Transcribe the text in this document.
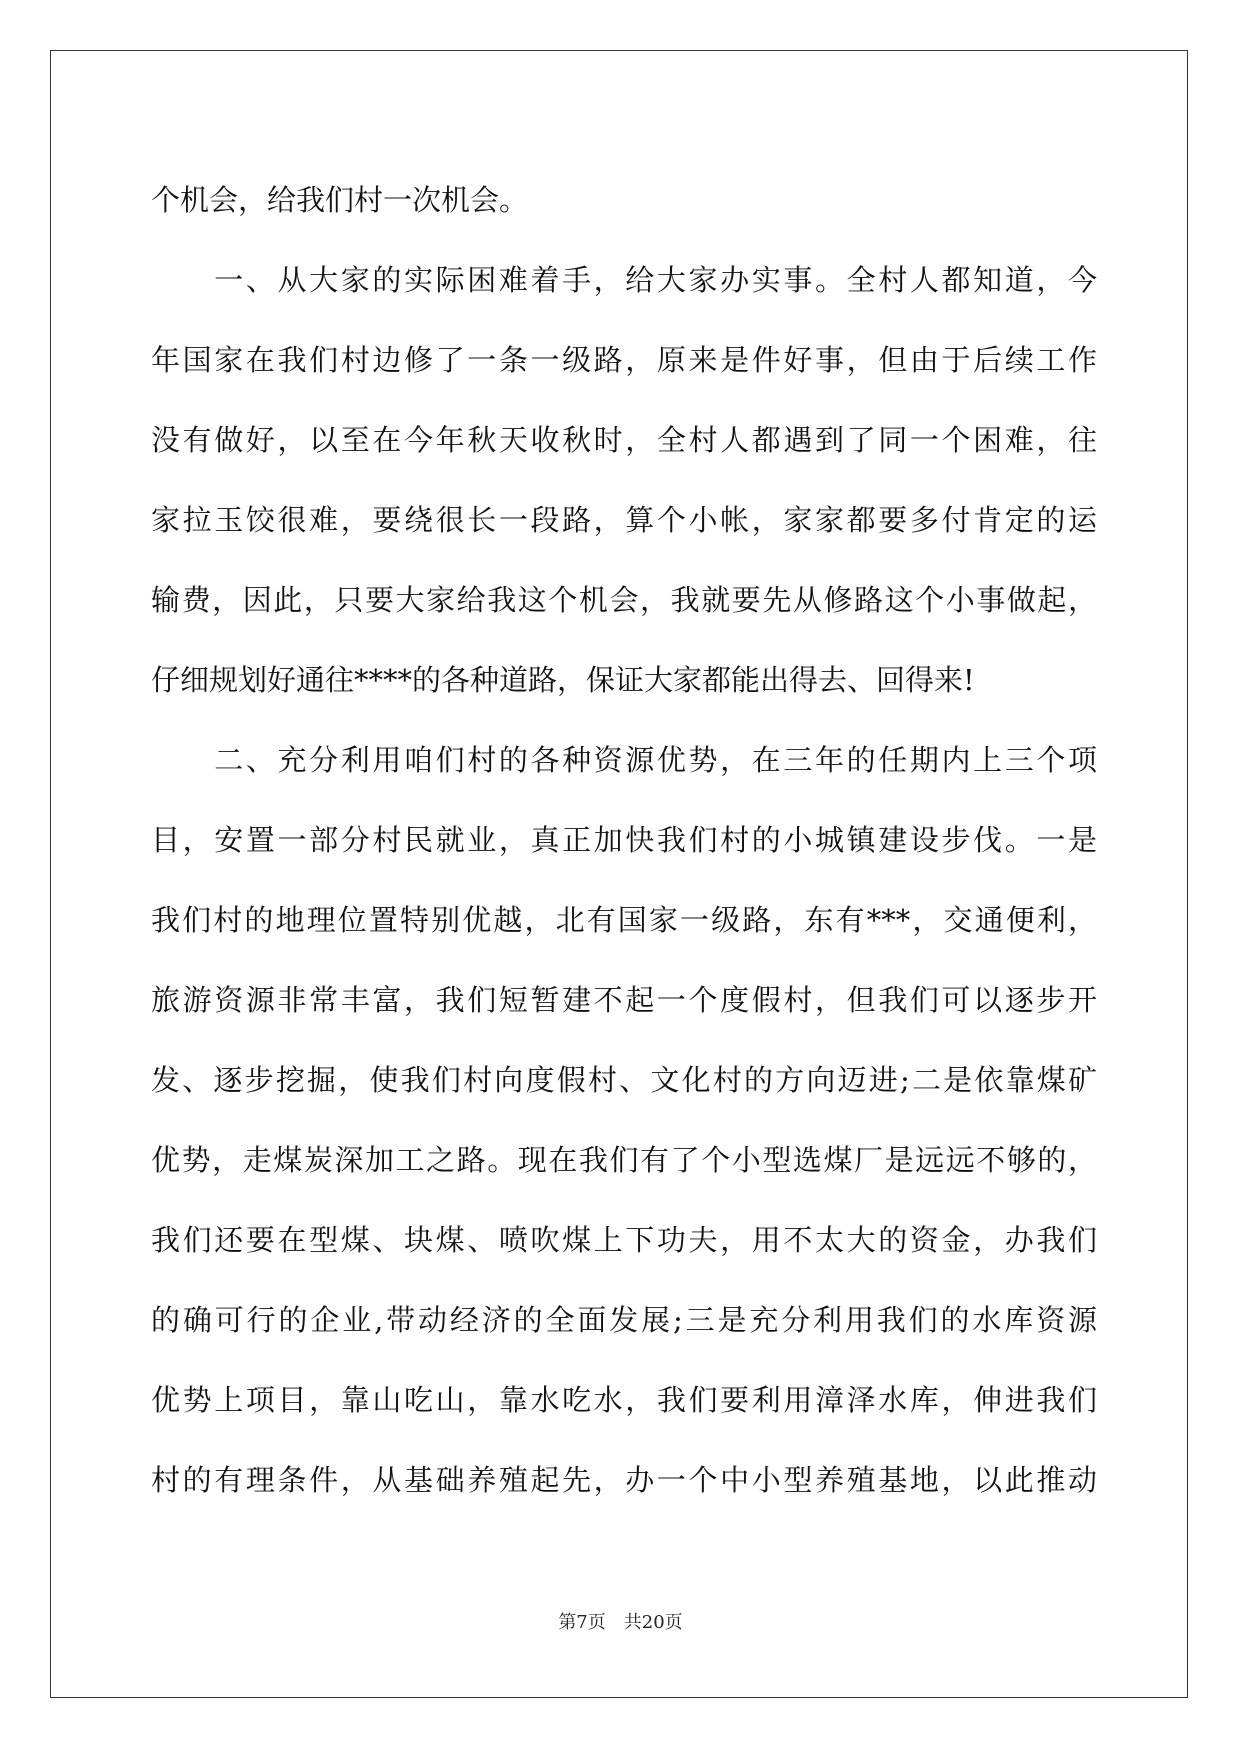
个机会，给我们村一次机会。
　　一、从大家的实际困难着手，给大家办实事。全村人都知道，今
年国家在我们村边修了一条一级路，原来是件好事，但由于后续工作
没有做好，以至在今年秋天收秋时，全村人都遇到了同一个困难，往
家拉玉饺很难，要绕很长一段路，算个小帐，家家都要多付肯定的运
输费，因此，只要大家给我这个机会，我就要先从修路这个小事做起，
仔细规划好通往****的各种道路，保证大家都能出得去、回得来!
　　二、充分利用咱们村的各种资源优势，在三年的任期内上三个项
目，安置一部分村民就业，真正加快我们村的小城镇建设步伐。一是
我们村的地理位置特别优越，北有国家一级路，东有***，交通便利，
旅游资源非常丰富，我们短暂建不起一个度假村，但我们可以逐步开
发、逐步挖掘，使我们村向度假村、文化村的方向迈进;二是依靠煤矿
优势，走煤炭深加工之路。现在我们有了个小型选煤厂是远远不够的，
我们还要在型煤、块煤、喷吹煤上下功夫，用不太大的资金，办我们
的确可行的企业,带动经济的全面发展;三是充分利用我们的水库资源
优势上项目，靠山吃山，靠水吃水，我们要利用漳泽水库，伸进我们
村的有理条件，从基础养殖起先，办一个中小型养殖基地，以此推动
第7页　共20页
